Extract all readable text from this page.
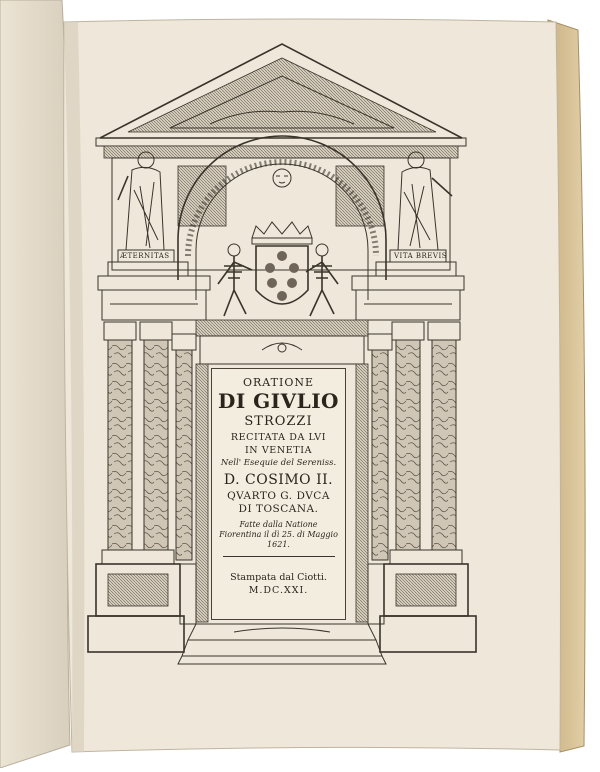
ÆTERNITAS	VITA BREVIS
ORATIONE
DI GIVLIO
STROZZI
RECITATA DA LVI
IN VENETIA
Nell' Esequie del Sereniss.
D. COSIMO II.
QVARTO G. DVCA
DI TOSCANA.
Fatte dalla Natione Fiorentina il dì 25. di Maggio 1621.
Stampata dal Ciotti.
M.DC.XXI.
